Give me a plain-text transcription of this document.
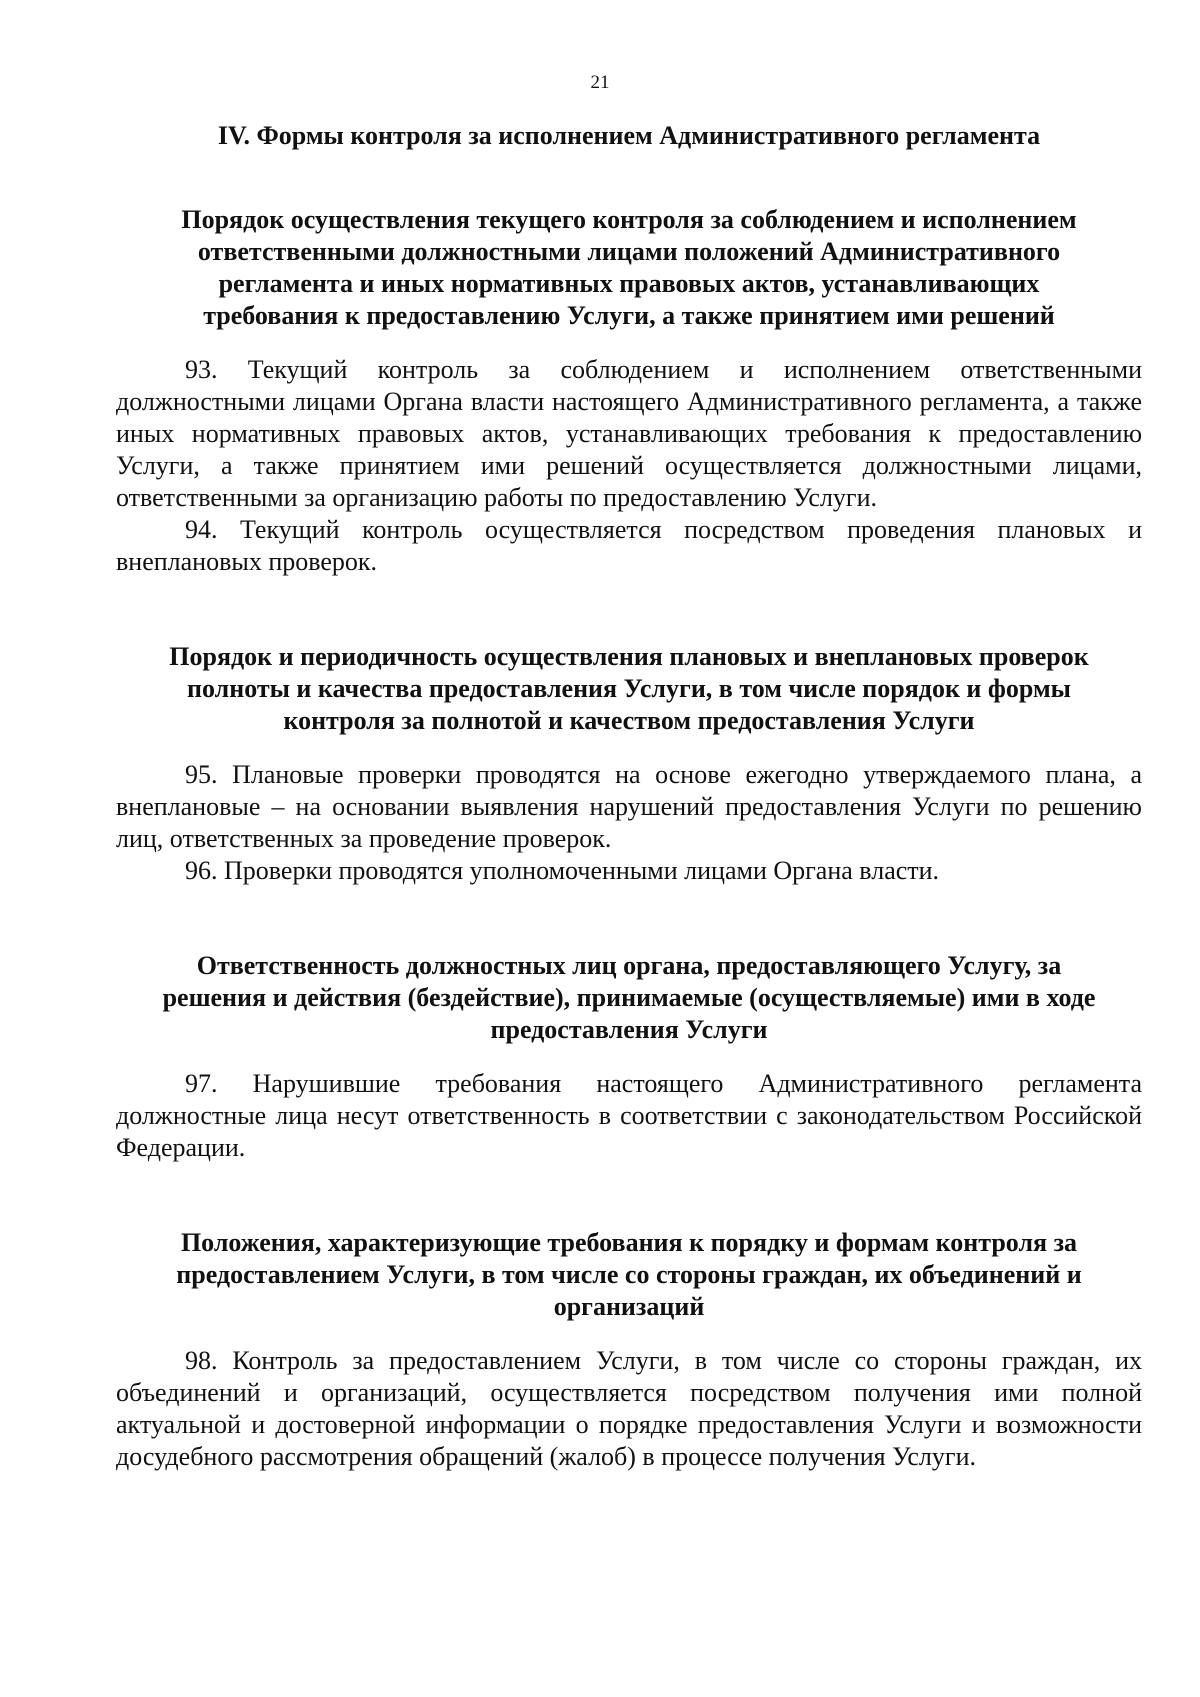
21
IV. Формы контроля за исполнением Административного регламента
Порядок осуществления текущего контроля за соблюдением и исполнением
ответственными должностными лицами положений Административного
регламента и иных нормативных правовых актов, устанавливающих
требования к предоставлению Услуги, а также принятием ими решений

93. Текущий контроль за соблюдением и исполнением ответственными должностными лицами Органа власти настоящего Административного регламента, а также иных нормативных правовых актов, устанавливающих требования к предоставлению Услуги, а также принятием ими решений осуществляется должностными лицами, ответственными за организацию работы по предоставлению Услуги.

94. Текущий контроль осуществляется посредством проведения плановых и внеплановых проверок.

Порядок и периодичность осуществления плановых и внеплановых проверок
полноты и качества предоставления Услуги, в том числе порядок и формы
контроля за полнотой и качеством предоставления Услуги

95. Плановые проверки проводятся на основе ежегодно утверждаемого плана, а внеплановые – на основании выявления нарушений предоставления Услуги по решению лиц, ответственных за проведение проверок.

96. Проверки проводятся уполномоченными лицами Органа власти.

Ответственность должностных лиц органа, предоставляющего Услугу, за
решения и действия (бездействие), принимаемые (осуществляемые) ими в ходе
предоставления Услуги

97. Нарушившие требования настоящего Административного регламента должностные лица несут ответственность в соответствии с законодательством Российской Федерации.

Положения, характеризующие требования к порядку и формам контроля за
предоставлением Услуги, в том числе со стороны граждан, их объединений и
организаций

98. Контроль за предоставлением Услуги, в том числе со стороны граждан, их объединений и организаций, осуществляется посредством получения ими полной актуальной и достоверной информации о порядке предоставления Услуги и возможности досудебного рассмотрения обращений (жалоб) в процессе получения Услуги.
